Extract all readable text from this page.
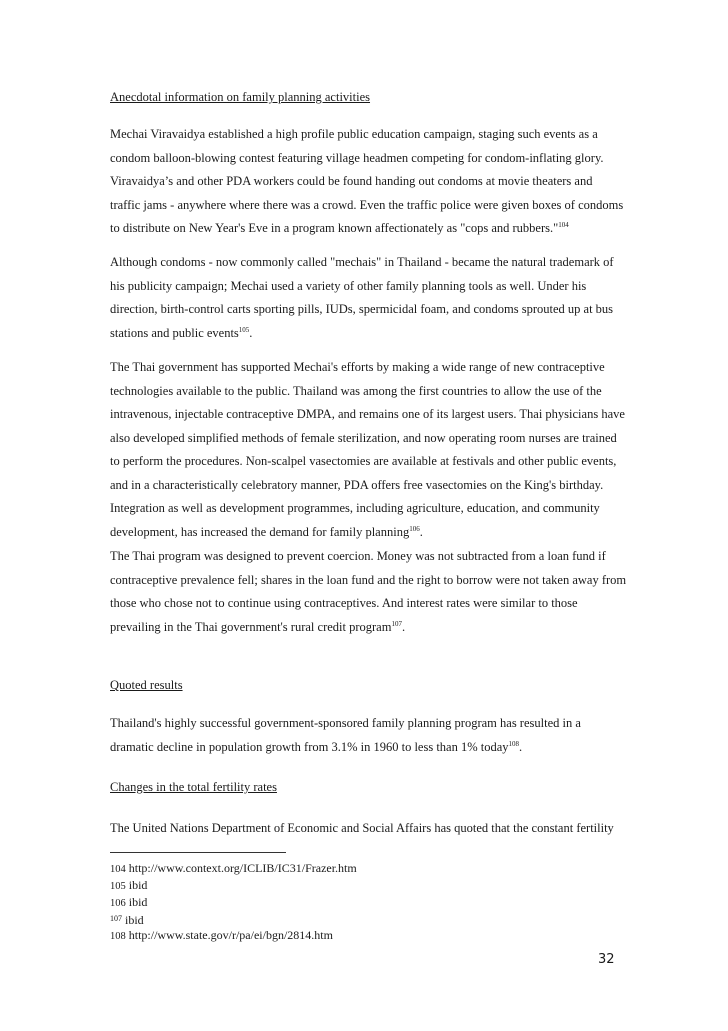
Anecdotal information on family planning activities
Mechai Viravaidya established a high profile public education campaign, staging such events as a
condom balloon-blowing contest featuring village headmen competing for condom-inflating glory.
Viravaidya’s and other PDA workers could be found handing out condoms at movie theaters and
traffic jams - anywhere where there was a crowd. Even the traffic police were given boxes of condoms
to distribute on New Year's Eve in a program known affectionately as "cops and rubbers."$^{104}$
Although condoms - now commonly called "mechais" in Thailand - became the natural trademark of
his publicity campaign; Mechai used a variety of other family planning tools as well. Under his
direction, birth-control carts sporting pills, IUDs, spermicidal foam, and condoms sprouted up at bus
stations and public events$^{105}$.
The Thai government has supported Mechai's efforts by making a wide range of new contraceptive
technologies available to the public. Thailand was among the first countries to allow the use of the
intravenous, injectable contraceptive DMPA, and remains one of its largest users. Thai physicians have
also developed simplified methods of female sterilization, and now operating room nurses are trained
to perform the procedures. Non-scalpel vasectomies are available at festivals and other public events,
and in a characteristically celebratory manner, PDA offers free vasectomies on the King's birthday.
Integration as well as development programmes, including agriculture, education, and community
development, has increased the demand for family planning$^{106}$.
The Thai program was designed to prevent coercion. Money was not subtracted from a loan fund if
contraceptive prevalence fell; shares in the loan fund and the right to borrow were not taken away from
those who chose not to continue using contraceptives. And interest rates were similar to those
prevailing in the Thai government's rural credit program$^{107}$.
Quoted results
Thailand's highly successful government-sponsored family planning program has resulted in a
dramatic decline in population growth from 3.1% in 1960 to less than 1% today$^{108}$.
Changes in the total fertility rates
The United Nations Department of Economic and Social Affairs has quoted that the constant fertility
104 http://www.context.org/ICLIB/IC31/Frazer.htm
105 ibid
106 ibid
$^{107}$ ibid
108 http://www.state.gov/r/pa/ei/bgn/2814.htm
32
